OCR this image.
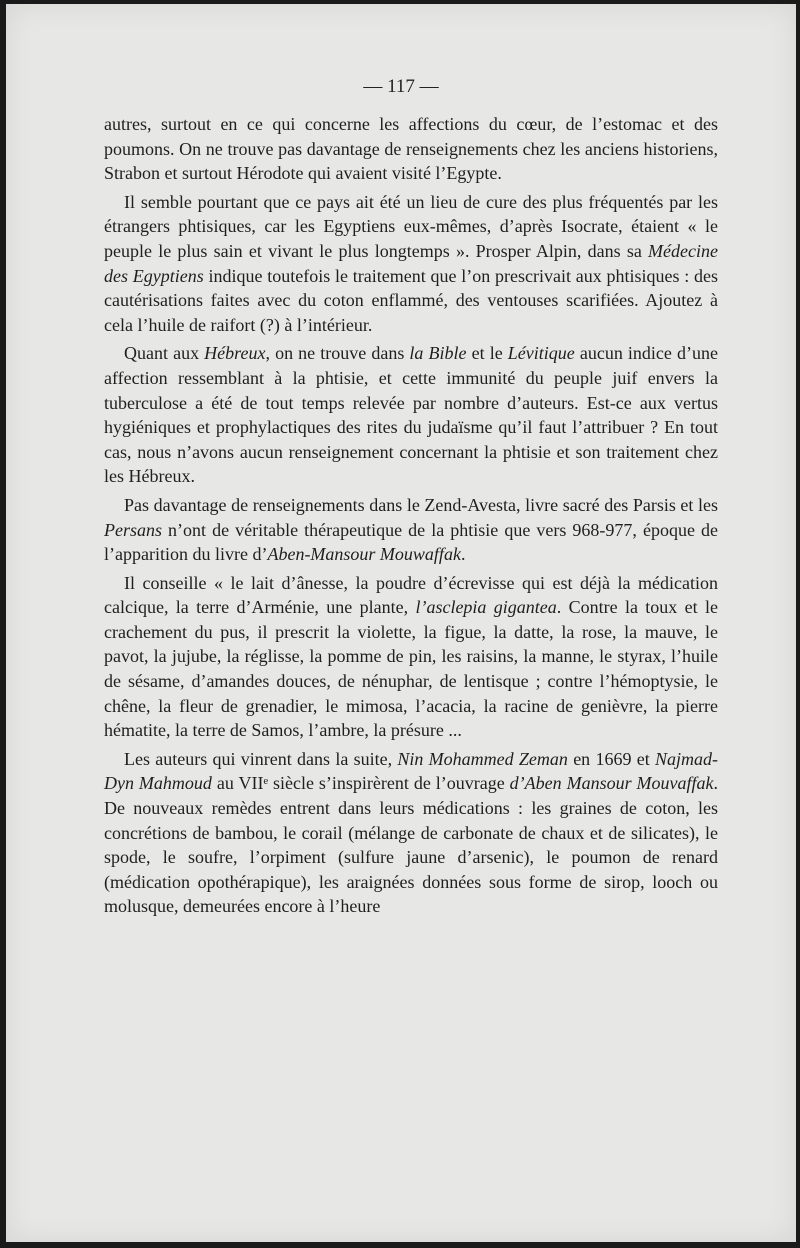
— 117 —

autres, surtout en ce qui concerne les affections du cœur, de l’estomac et des poumons. On ne trouve pas davantage de renseignements chez les anciens historiens, Strabon et surtout Hérodote qui avaient visité l’Egypte.

Il semble pourtant que ce pays ait été un lieu de cure des plus fréquentés par les étrangers phtisiques, car les Egyptiens eux-mêmes, d’après Isocrate, étaient « le peuple le plus sain et vivant le plus longtemps ». Prosper Alpin, dans sa Médecine des Egyptiens indique toutefois le traitement que l’on prescrivait aux phtisiques : des cautérisations faites avec du coton enflammé, des ventouses scarifiées. Ajoutez à cela l’huile de raifort (?) à l’intérieur.

Quant aux Hébreux, on ne trouve dans la Bible et le Lévitique aucun indice d’une affection ressemblant à la phtisie, et cette immunité du peuple juif envers la tuberculose a été de tout temps relevée par nombre d’auteurs. Est-ce aux vertus hygiéniques et prophylactiques des rites du judaïsme qu’il faut l’attribuer ? En tout cas, nous n’avons aucun renseignement concernant la phtisie et son traitement chez les Hébreux.

Pas davantage de renseignements dans le Zend-Avesta, livre sacré des Parsis et les Persans n’ont de véritable thérapeutique de la phtisie que vers 968-977, époque de l’apparition du livre d’Aben-Mansour Mouwaffak.

Il conseille « le lait d’ânesse, la poudre d’écrevisse qui est déjà la médication calcique, la terre d’Arménie, une plante, l’asclepia gigantea. Contre la toux et le crachement du pus, il prescrit la violette, la figue, la datte, la rose, la mauve, le pavot, la jujube, la réglisse, la pomme de pin, les raisins, la manne, le styrax, l’huile de sésame, d’amandes douces, de nénuphar, de lentisque ; contre l’hémoptysie, le chêne, la fleur de grenadier, le mimosa, l’acacia, la racine de genièvre, la pierre hématite, la terre de Samos, l’ambre, la présure ...

Les auteurs qui vinrent dans la suite, Nin Mohammed Zeman en 1669 et Najmad-Dyn Mahmoud au VIIᵉ siècle s’inspirèrent de l’ouvrage d’Aben Mansour Mouvaffak. De nouveaux remèdes entrent dans leurs médications : les graines de coton, les concrétions de bambou, le corail (mélange de carbonate de chaux et de silicates), le spode, le soufre, l’orpiment (sulfure jaune d’arsenic), le poumon de renard (médication opothérapique), les araignées données sous forme de sirop, looch ou molusque, demeurées encore à l’heure
